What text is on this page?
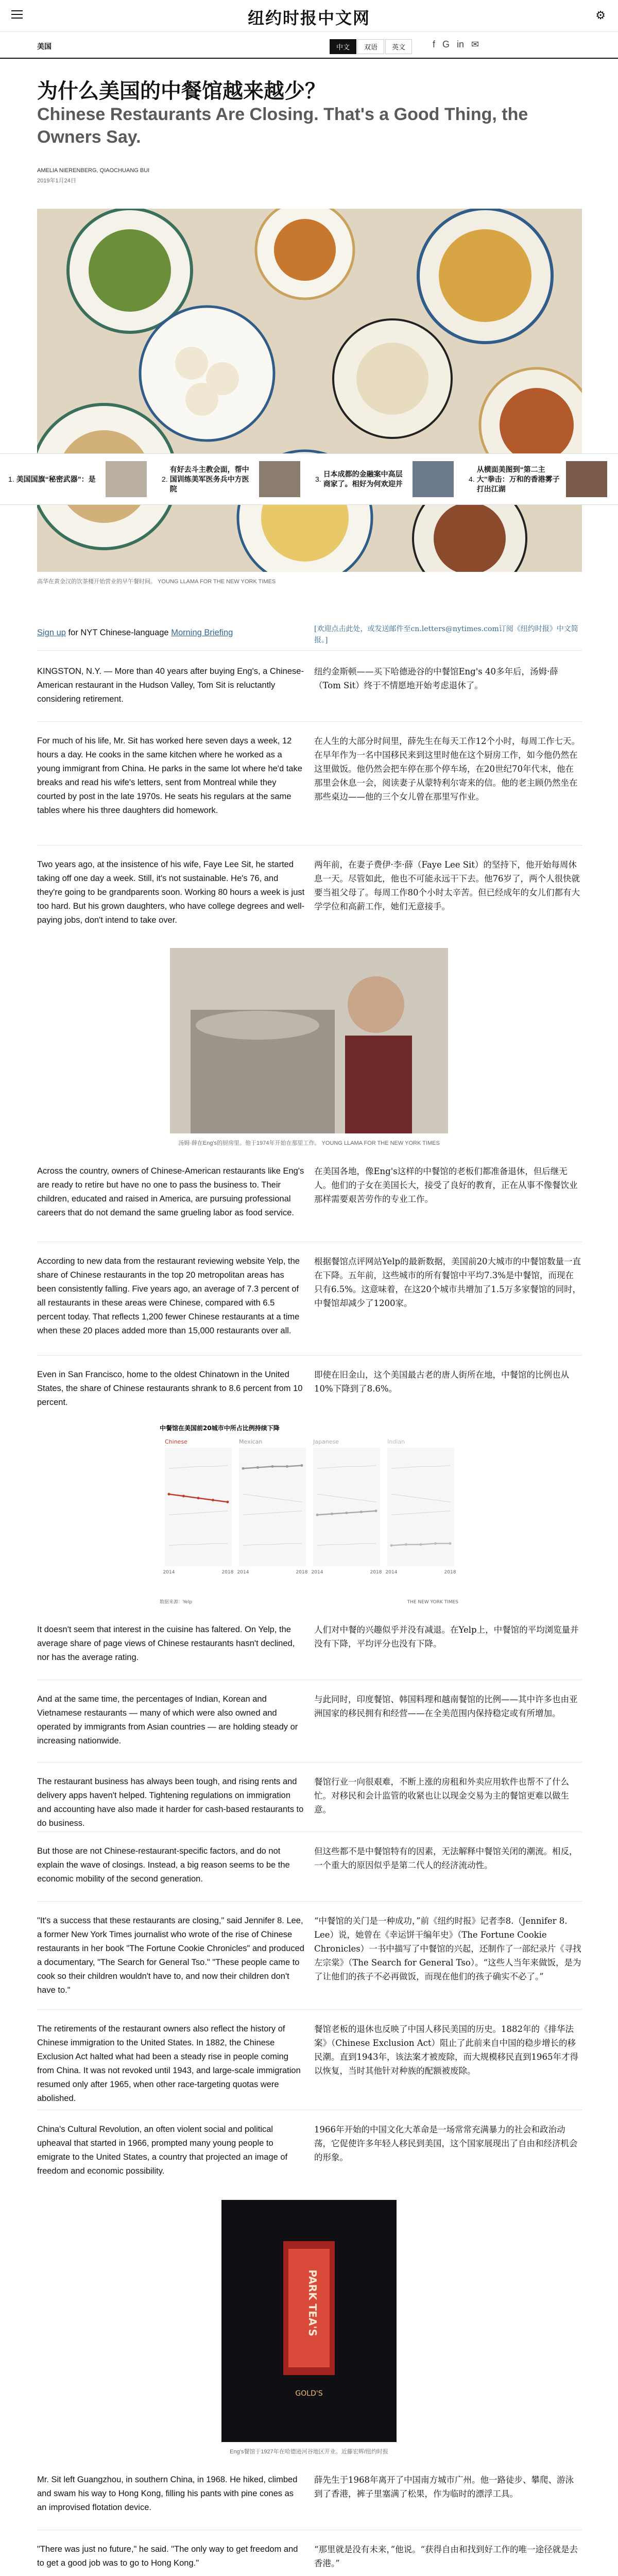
纽约时报中文网	⚙
美国	中文	双语	英文	f G in ✉
为什么美国的中餐馆越来越少？
Chinese Restaurants Are Closing. That's a Good Thing, the Owners Say.
AMELIA NIERENBERG, QIAOCHUANG BUI
2019年1月24日
1. 美国国旗“秘密武器”：是	2.
有好去斗主教会面，帮中国训练美军医务兵中方医院
3.
日本成都的金融案中高层商家了。相好为何欢迎并
4.
从横面美图到“第二主大”拳击：万和的香港雾子打出江湖
高华在黄金汉的饮茶楼开始营业的早午餐时间。 YOUNG LLAMA FOR THE NEW YORK TIMES
Sign up for NYT Chinese-language Morning Briefing	[欢迎点击此处，或发送邮件至cn.letters@nytimes.com订阅《纽约时报》中文简报。]
KINGSTON, N.Y. — More than 40 years after buying Eng's, a Chinese-American restaurant in the Hudson Valley, Tom Sit is reluctantly considering retirement.
纽约金斯顿——买下哈德逊谷的中餐馆Eng's 40多年后，汤姆·薛（Tom Sit）终于不情愿地开始考虑退休了。
For much of his life, Mr. Sit has worked here seven days a week, 12 hours a day. He cooks in the same kitchen where he worked as a young immigrant from China. He parks in the same lot where he'd take breaks and read his wife's letters, sent from Montreal while they courted by post in the late 1970s. He seats his regulars at the same tables where his three daughters did homework.
在人生的大部分时间里，薛先生在每天工作12个小时，每周工作七天。在早年作为一名中国移民来到这里时他在这个厨房工作，如今他仍然在这里做饭。他仍然会把车停在那个停车场，在20世纪70年代末，他在那里会休息一会，阅读妻子从蒙特利尔寄来的信。他的老主顾仍然坐在那些桌边——他的三个女儿曾在那里写作业。
Two years ago, at the insistence of his wife, Faye Lee Sit, he started taking off one day a week. Still, it's not sustainable. He's 76, and they're going to be grandparents soon. Working 80 hours a week is just too hard. But his grown daughters, who have college degrees and well-paying jobs, don't intend to take over.
两年前，在妻子费伊·李·薛（Faye Lee Sit）的坚持下，他开始每周休息一天。尽管如此，他也不可能永远干下去。他76岁了，两个人很快就要当祖父母了。每周工作80个小时太辛苦。但已经成年的女儿们都有大学学位和高薪工作，她们无意接手。
汤姆·薛在Eng's的厨房里。他于1974年开始在那里工作。 YOUNG LLAMA FOR THE NEW YORK TIMES
Across the country, owners of Chinese-American restaurants like Eng's are ready to retire but have no one to pass the business to. Their children, educated and raised in America, are pursuing professional careers that do not demand the same grueling labor as food service.
在美国各地，像Eng's这样的中餐馆的老板们都准备退休，但后继无人。他们的子女在美国长大，接受了良好的教育，正在从事不像餐饮业那样需要艰苦劳作的专业工作。
According to new data from the restaurant reviewing website Yelp, the share of Chinese restaurants in the top 20 metropolitan areas has been consistently falling. Five years ago, an average of 7.3 percent of all restaurants in these areas were Chinese, compared with 6.5 percent today. That reflects 1,200 fewer Chinese restaurants at a time when these 20 places added more than 15,000 restaurants over all.
根据餐馆点评网站Yelp的最新数据，美国前20大城市的中餐馆数量一直在下降。五年前，这些城市的所有餐馆中平均7.3%是中餐馆，而现在只有6.5%。这意味着，在这20个城市共增加了1.5万多家餐馆的同时，中餐馆却减少了1200家。
Even in San Francisco, home to the oldest Chinatown in the United States, the share of Chinese restaurants shrank to 8.6 percent from 10 percent.
即使在旧金山，这个美国最古老的唐人街所在地，中餐馆的比例也从10%下降到了8.6%。
中餐馆在美国前20城市中所占比例持续下降
Chinese
2014	2018
Mexican
2014	2018
Japanese
2014	2018
Indian
2014	2018
数据来源：Yelp	THE NEW YORK TIMES
It doesn't seem that interest in the cuisine has faltered. On Yelp, the average share of page views of Chinese restaurants hasn't declined, nor has the average rating.
人们对中餐的兴趣似乎并没有减退。在Yelp上，中餐馆的平均浏览量并没有下降，平均评分也没有下降。
And at the same time, the percentages of Indian, Korean and Vietnamese restaurants — many of which were also owned and operated by immigrants from Asian countries — are holding steady or increasing nationwide.
与此同时，印度餐馆、韩国料理和越南餐馆的比例——其中许多也由亚洲国家的移民拥有和经营——在全美范围内保持稳定或有所增加。
The restaurant business has always been tough, and rising rents and delivery apps haven't helped. Tightening regulations on immigration and accounting have also made it harder for cash-based restaurants to do business.
餐馆行业一向很艰难，不断上涨的房租和外卖应用软件也帮不了什么忙。对移民和会计监管的收紧也让以现金交易为主的餐馆更难以做生意。
But those are not Chinese-restaurant-specific factors, and do not explain the wave of closings. Instead, a big reason seems to be the economic mobility of the second generation.
但这些都不是中餐馆特有的因素，无法解释中餐馆关闭的潮流。相反，一个重大的原因似乎是第二代人的经济流动性。
"It's a success that these restaurants are closing," said Jennifer 8. Lee, a former New York Times journalist who wrote of the rise of Chinese restaurants in her book "The Fortune Cookie Chronicles" and produced a documentary, "The Search for General Tso." "These people came to cook so their children wouldn't have to, and now their children don't have to."
“中餐馆的关门是一种成功，”前《纽约时报》记者李8.（Jennifer 8. Lee）说，她曾在《幸运饼干编年史》（The Fortune Cookie Chronicles）一书中描写了中餐馆的兴起，还制作了一部纪录片《寻找左宗棠》（The Search for General Tso）。“这些人当年来做饭，是为了让他们的孩子不必再做饭，而现在他们的孩子确实不必了。”
The retirements of the restaurant owners also reflect the history of Chinese immigration to the United States. In 1882, the Chinese Exclusion Act halted what had been a steady rise in people coming from China. It was not revoked until 1943, and large-scale immigration resumed only after 1965, when other race-targeting quotas were abolished.
餐馆老板的退休也反映了中国人移民美国的历史。1882年的《排华法案》（Chinese Exclusion Act）阻止了此前来自中国的稳步增长的移民潮。直到1943年，该法案才被废除，而大规模移民直到1965年才得以恢复，当时其他针对种族的配额被废除。
China's Cultural Revolution, an often violent social and political upheaval that started in 1966, prompted many young people to emigrate to the United States, a country that projected an image of freedom and economic possibility.
1966年开始的中国文化大革命是一场常常充满暴力的社会和政治动荡，它促使许多年轻人移民到美国，这个国家展现出了自由和经济机会的形象。
PARK TEA'S
GOLD'S
Eng's餐馆于1927年在哈德逊河谷地区开业。近藤宏辉/纽约时报
Mr. Sit left Guangzhou, in southern China, in 1968. He hiked, climbed and swam his way to Hong Kong, filling his pants with pine cones as an improvised flotation device.
薛先生于1968年离开了中国南方城市广州。他一路徒步、攀爬、游泳到了香港，裤子里塞满了松果，作为临时的漂浮工具。
"There was just no future," he said. "The only way to get freedom and to get a good job was to go to Hong Kong."
“那里就是没有未来，”他说。“获得自由和找到好工作的唯一途径就是去香港。”
